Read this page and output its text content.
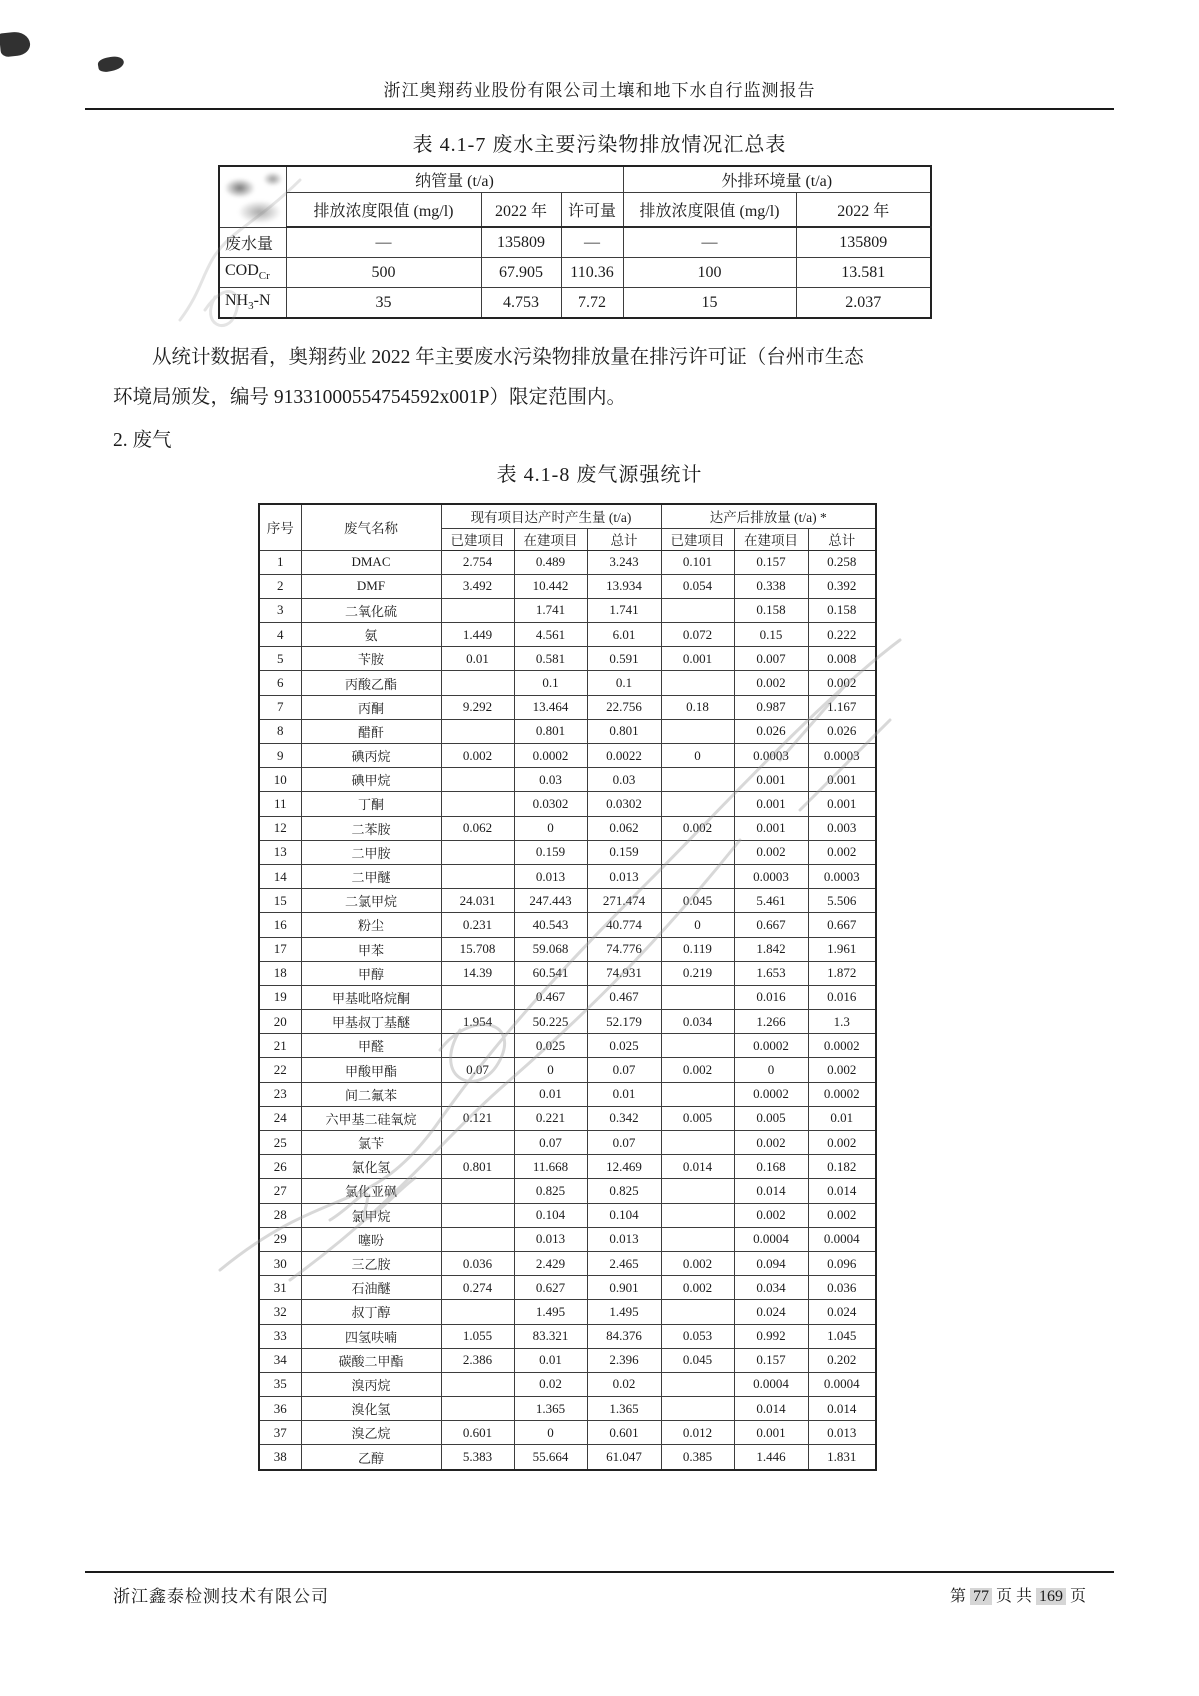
浙江奥翔药业股份有限公司土壤和地下水自行监测报告
表 4.1-7 废水主要污染物排放情况汇总表
	纳管量 (t/a)			外排环境量 (t/a)	
	排放浓度限值 (mg/l)	2022 年	许可量	排放浓度限值 (mg/l)	2022 年
废水量	—	135809	—	—	135809
$COD_{Cr}$	500	67.905	110.36	100	13.581
$NH_3-N$	35	4.753	7.72	15	2.037
从统计数据看，奥翔药业 2022 年主要废水污染物排放量在排污许可证（台州市生态
环境局颁发，编号 91331000554754592x001P）限定范围内。
2. 废气
表 4.1-8 废气源强统计
序号	废气名称	现有项目达产时产生量 (t/a)			达产后排放量 (t/a) *		
		已建项目	在建项目	总计	已建项目	在建项目	总计
1	DMAC	2.754	0.489	3.243	0.101	0.157	0.258
2	DMF	3.492	10.442	13.934	0.054	0.338	0.392
3	二氧化硫		1.741	1.741		0.158	0.158
4	氨	1.449	4.561	6.01	0.072	0.15	0.222
5	苄胺	0.01	0.581	0.591	0.001	0.007	0.008
6	丙酸乙酯		0.1	0.1		0.002	0.002
7	丙酮	9.292	13.464	22.756	0.18	0.987	1.167
8	醋酐		0.801	0.801		0.026	0.026
9	碘丙烷	0.002	0.0002	0.0022	0	0.0003	0.0003
10	碘甲烷		0.03	0.03		0.001	0.001
11	丁酮		0.0302	0.0302		0.001	0.001
12	二苯胺	0.062	0	0.062	0.002	0.001	0.003
13	二甲胺		0.159	0.159		0.002	0.002
14	二甲醚		0.013	0.013		0.0003	0.0003
15	二氯甲烷	24.031	247.443	271.474	0.045	5.461	5.506
16	粉尘	0.231	40.543	40.774	0	0.667	0.667
17	甲苯	15.708	59.068	74.776	0.119	1.842	1.961
18	甲醇	14.39	60.541	74.931	0.219	1.653	1.872
19	甲基吡咯烷酮		0.467	0.467		0.016	0.016
20	甲基叔丁基醚	1.954	50.225	52.179	0.034	1.266	1.3
21	甲醛		0.025	0.025		0.0002	0.0002
22	甲酸甲酯	0.07	0	0.07	0.002	0	0.002
23	间二氟苯		0.01	0.01		0.0002	0.0002
24	六甲基二硅氧烷	0.121	0.221	0.342	0.005	0.005	0.01
25	氯苄		0.07	0.07		0.002	0.002
26	氯化氢	0.801	11.668	12.469	0.014	0.168	0.182
27	氯化亚砜		0.825	0.825		0.014	0.014
28	氯甲烷		0.104	0.104		0.002	0.002
29	噻吩		0.013	0.013		0.0004	0.0004
30	三乙胺	0.036	2.429	2.465	0.002	0.094	0.096
31	石油醚	0.274	0.627	0.901	0.002	0.034	0.036
32	叔丁醇		1.495	1.495		0.024	0.024
33	四氢呋喃	1.055	83.321	84.376	0.053	0.992	1.045
34	碳酸二甲酯	2.386	0.01	2.396	0.045	0.157	0.202
35	溴丙烷		0.02	0.02		0.0004	0.0004
36	溴化氢		1.365	1.365		0.014	0.014
37	溴乙烷	0.601	0	0.601	0.012	0.001	0.013
38	乙醇	5.383	55.664	61.047	0.385	1.446	1.831
浙江鑫泰检测技术有限公司	第 77 页 共 169 页
